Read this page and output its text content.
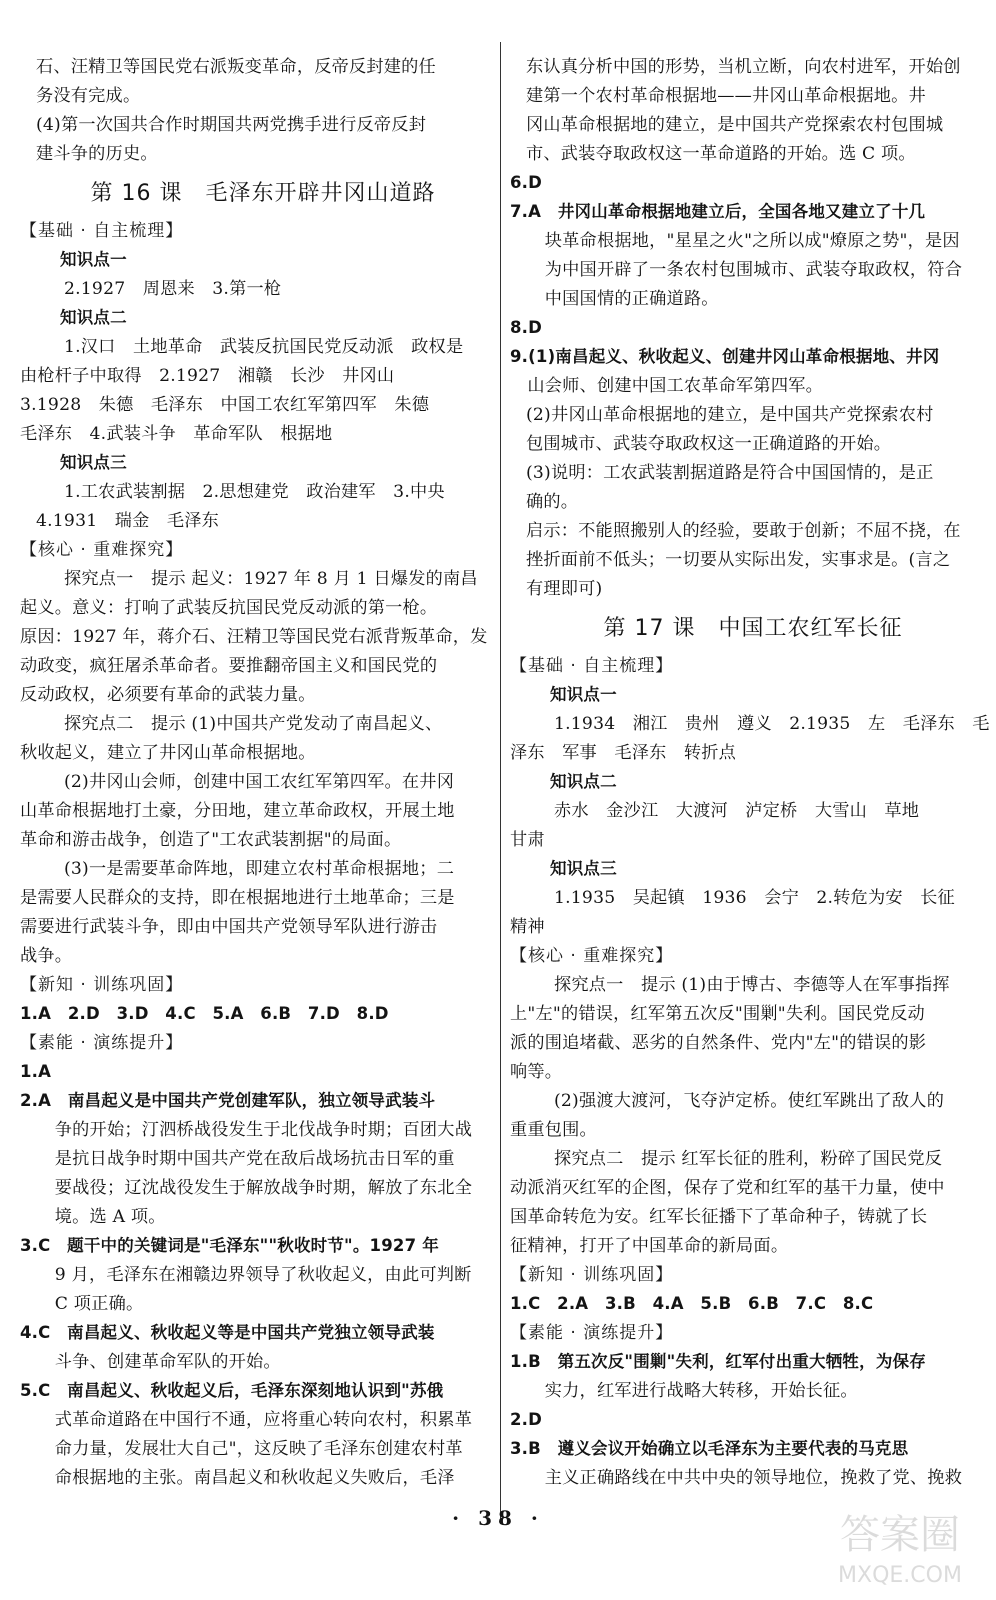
石、汪精卫等国民党右派叛变革命，反帝反封建的任
务没有完成。
(4)第一次国共合作时期国共两党携手进行反帝反封
建斗争的历史。
第 16 课　毛泽东开辟井冈山道路
【基础 · 自主梳理】
知识点一
2.1927　周恩来　3.第一枪
知识点二
1.汉口　土地革命　武装反抗国民党反动派　政权是
由枪杆子中取得　2.1927　湘赣　长沙　井冈山
3.1928　朱德　毛泽东　中国工农红军第四军　朱德
毛泽东　4.武装斗争　革命军队　根据地
知识点三
1.工农武装割据　2.思想建党　政治建军　3.中央
4.1931　瑞金　毛泽东
【核心 · 重难探究】
探究点一　提示 起义：1927 年 8 月 1 日爆发的南昌
起义。意义：打响了武装反抗国民党反动派的第一枪。
原因：1927 年，蒋介石、汪精卫等国民党右派背叛革命，发
动政变，疯狂屠杀革命者。要推翻帝国主义和国民党的
反动政权，必须要有革命的武装力量。
探究点二　提示 (1)中国共产党发动了南昌起义、
秋收起义，建立了井冈山革命根据地。
(2)井冈山会师，创建中国工农红军第四军。在井冈
山革命根据地打土豪，分田地，建立革命政权，开展土地
革命和游击战争，创造了"工农武装割据"的局面。
(3)一是需要革命阵地，即建立农村革命根据地；二
是需要人民群众的支持，即在根据地进行土地革命；三是
需要进行武装斗争，即由中国共产党领导军队进行游击
战争。
【新知 · 训练巩固】
1.A　2.D　3.D　4.C　5.A　6.B　7.D　8.D
【素能 · 演练提升】
1.A
2.A　南昌起义是中国共产党创建军队，独立领导武装斗
　　争的开始；汀泗桥战役发生于北伐战争时期；百团大战
　　是抗日战争时期中国共产党在敌后战场抗击日军的重
　　要战役；辽沈战役发生于解放战争时期，解放了东北全
　　境。选 A 项。
3.C　题干中的关键词是"毛泽东""秋收时节"。1927 年
　　9 月，毛泽东在湘赣边界领导了秋收起义，由此可判断
　　C 项正确。
4.C　南昌起义、秋收起义等是中国共产党独立领导武装
　　斗争、创建革命军队的开始。
5.C　南昌起义、秋收起义后，毛泽东深刻地认识到"苏俄
　　式革命道路在中国行不通，应将重心转向农村，积累革
　　命力量，发展壮大自己"，这反映了毛泽东创建农村革
　　命根据地的主张。南昌起义和秋收起义失败后，毛泽
东认真分析中国的形势，当机立断，向农村进军，开始创
建第一个农村革命根据地——井冈山革命根据地。井
冈山革命根据地的建立，是中国共产党探索农村包围城
市、武装夺取政权这一革命道路的开始。选 C 项。
6.D
7.A　井冈山革命根据地建立后，全国各地又建立了十几
　　块革命根据地，"星星之火"之所以成"燎原之势"，是因
　　为中国开辟了一条农村包围城市、武装夺取政权，符合
　　中国国情的正确道路。
8.D
9.(1)南昌起义、秋收起义、创建井冈山革命根据地、井冈
　山会师、创建中国工农革命军第四军。
(2)井冈山革命根据地的建立，是中国共产党探索农村
包围城市、武装夺取政权这一正确道路的开始。
(3)说明：工农武装割据道路是符合中国国情的，是正
确的。
启示：不能照搬别人的经验，要敢于创新；不屈不挠，在
挫折面前不低头；一切要从实际出发，实事求是。(言之
有理即可)
第 17 课　中国工农红军长征
【基础 · 自主梳理】
知识点一
1.1934　湘江　贵州　遵义　2.1935　左　毛泽东　毛
泽东　军事　毛泽东　转折点
知识点二
赤水　金沙江　大渡河　泸定桥　大雪山　草地
甘肃
知识点三
1.1935　吴起镇　1936　会宁　2.转危为安　长征
精神
【核心 · 重难探究】
探究点一　提示 (1)由于博古、李德等人在军事指挥
上"左"的错误，红军第五次反"围剿"失利。国民党反动
派的围追堵截、恶劣的自然条件、党内"左"的错误的影
响等。
(2)强渡大渡河，飞夺泸定桥。使红军跳出了敌人的
重重包围。
探究点二　提示 红军长征的胜利，粉碎了国民党反
动派消灭红军的企图，保存了党和红军的基干力量，使中
国革命转危为安。红军长征播下了革命种子，铸就了长
征精神，打开了中国革命的新局面。
【新知 · 训练巩固】
1.C　2.A　3.B　4.A　5.B　6.B　7.C　8.C
【素能 · 演练提升】
1.B　第五次反"围剿"失利，红军付出重大牺牲，为保存
　　实力，红军进行战略大转移，开始长征。
2.D
3.B　遵义会议开始确立以毛泽东为主要代表的马克思
　　主义正确路线在中共中央的领导地位，挽救了党、挽救
· 38 ·	答案圈
MXQE.COM
